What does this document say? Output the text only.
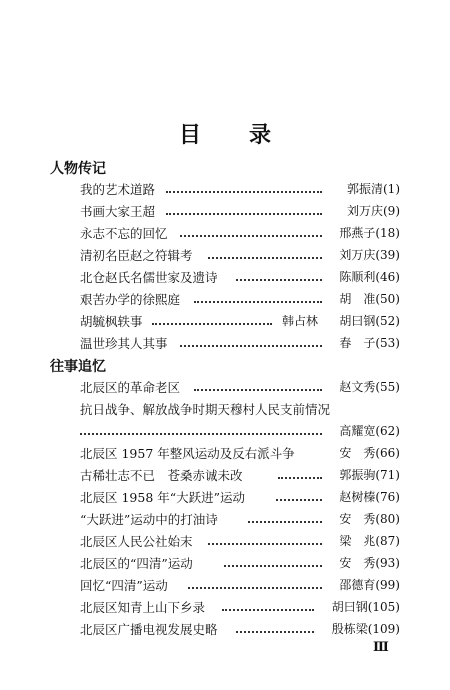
目 录
人物传记
我的艺术道路	郭振清(1)
书画大家王超	刘万庆(9)
永志不忘的回忆	邢燕子(18)
清初名臣赵之符辑考	刘万庆(39)
北仓赵氏名儒世家及遗诗	陈顺利(46)
艰苦办学的徐熙庭	胡　准(50)
胡毓枫轶事	韩占林 胡曰钢(52)
温世珍其人其事	春　子(53)
往事追忆
北辰区的革命老区	赵文秀(55)
抗日战争、解放战争时期天穆村人民支前情况
高耀宽(62)
北辰区 1957 年整风运动及反右派斗争	安　秀(66)
古稀壮志不已　苍桑赤诚未改	郭振驹(71)
北辰区 1958 年“大跃进”运动	赵树榛(76)
“大跃进”运动中的打油诗	安　秀(80)
北辰区人民公社始末	梁　兆(87)
北辰区的“四清”运动	安　秀(93)
回忆“四清”运动	邵德育(99)
北辰区知青上山下乡录	胡曰钢(105)
北辰区广播电视发展史略	殷栋梁(109)
Ⅲ
